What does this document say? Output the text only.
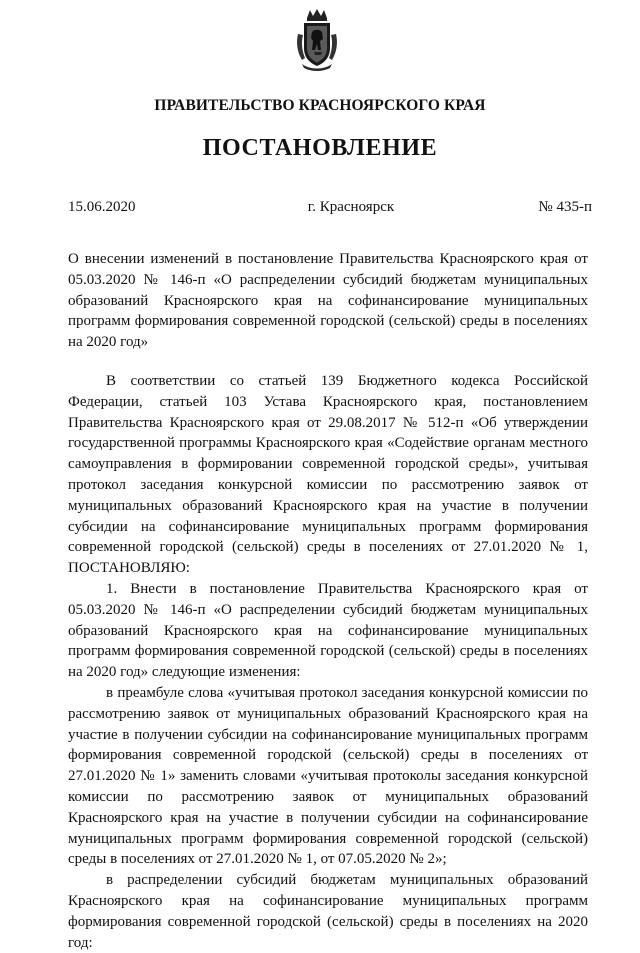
ПРАВИТЕЛЬСТВО КРАСНОЯРСКОГО КРАЯ
ПОСТАНОВЛЕНИЕ
15.06.2020	г. Красноярск	№ 435-п
О внесении изменений в постановление Правительства Красноярского края от 05.03.2020 № 146-п «О распределении субсидий бюджетам муниципальных образований Красноярского края на софинансирование муниципальных программ формирования современной городской (сельской) среды в поселениях на 2020 год»

В соответствии со статьей 139 Бюджетного кодекса Российской Федерации, статьей 103 Устава Красноярского края, постановлением Правительства Красноярского края от 29.08.2017 № 512-п «Об утверждении государственной программы Красноярского края «Содействие органам местного самоуправления в формировании современной городской среды», учитывая протокол заседания конкурсной комиссии по рассмотрению заявок от муниципальных образований Красноярского края на участие в получении субсидии на софинансирование муниципальных программ формирования современной городской (сельской) среды в поселениях от 27.01.2020 № 1, ПОСТАНОВЛЯЮ:

1. Внести в постановление Правительства Красноярского края от 05.03.2020 № 146-п «О распределении субсидий бюджетам муниципальных образований Красноярского края на софинансирование муниципальных программ формирования современной городской (сельской) среды в поселениях на 2020 год» следующие изменения:

в преамбуле слова «учитывая протокол заседания конкурсной комиссии по рассмотрению заявок от муниципальных образований Красноярского края на участие в получении субсидии на софинансирование муниципальных программ формирования современной городской (сельской) среды в поселениях от 27.01.2020 № 1» заменить словами «учитывая протоколы заседания конкурсной комиссии по рассмотрению заявок от муниципальных образований Красноярского края на участие в получении субсидии на софинансирование муниципальных программ формирования современной городской (сельской) среды в поселениях от 27.01.2020 № 1, от 07.05.2020 № 2»;

в распределении субсидий бюджетам муниципальных образований Красноярского края на софинансирование муниципальных программ формирования современной городской (сельской) среды в поселениях на 2020 год:
